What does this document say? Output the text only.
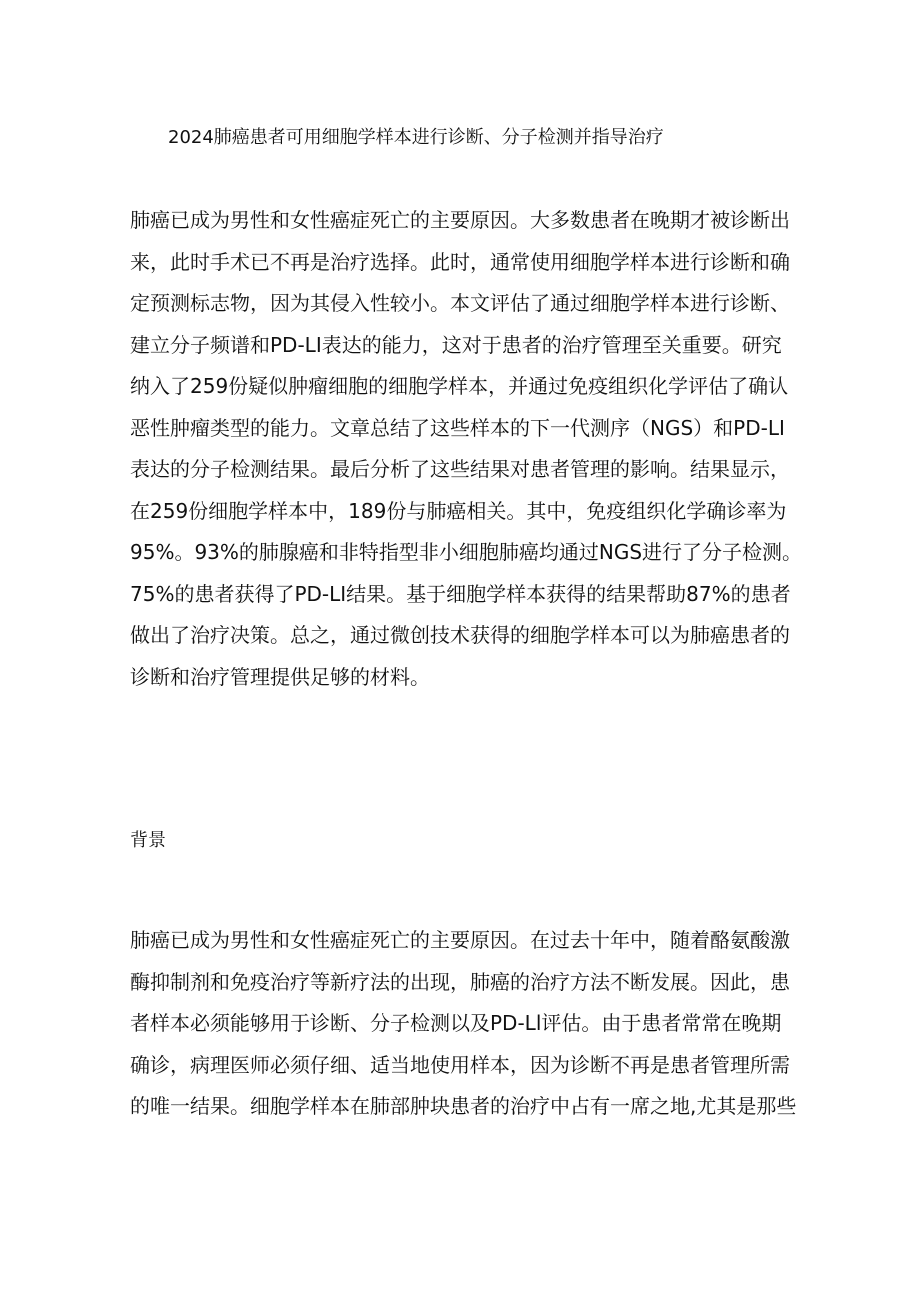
2024肺癌患者可用细胞学样本进行诊断、分子检测并指导治疗
肺癌已成为男性和女性癌症死亡的主要原因。大多数患者在晚期才被诊断出
来，此时手术已不再是治疗选择。此时，通常使用细胞学样本进行诊断和确
定预测标志物，因为其侵入性较小。本文评估了通过细胞学样本进行诊断、
建立分子频谱和PD-LI表达的能力，这对于患者的治疗管理至关重要。研究
纳入了259份疑似肿瘤细胞的细胞学样本，并通过免疫组织化学评估了确认
恶性肿瘤类型的能力。文章总结了这些样本的下一代测序（NGS）和PD-LI
表达的分子检测结果。最后分析了这些结果对患者管理的影响。结果显示，
在259份细胞学样本中，189份与肺癌相关。其中，免疫组织化学确诊率为
95%。93%的肺腺癌和非特指型非小细胞肺癌均通过NGS进行了分子检测。
75%的患者获得了PD-LI结果。基于细胞学样本获得的结果帮助87%的患者
做出了治疗决策。总之，通过微创技术获得的细胞学样本可以为肺癌患者的
诊断和治疗管理提供足够的材料。
背景
肺癌已成为男性和女性癌症死亡的主要原因。在过去十年中，随着酪氨酸激
酶抑制剂和免疫治疗等新疗法的出现，肺癌的治疗方法不断发展。因此，患
者样本必须能够用于诊断、分子检测以及PD-Ll评估。由于患者常常在晚期
确诊，病理医师必须仔细、适当地使用样本，因为诊断不再是患者管理所需
的唯一结果。细胞学样本在肺部肿块患者的治疗中占有一席之地,尤其是那些
